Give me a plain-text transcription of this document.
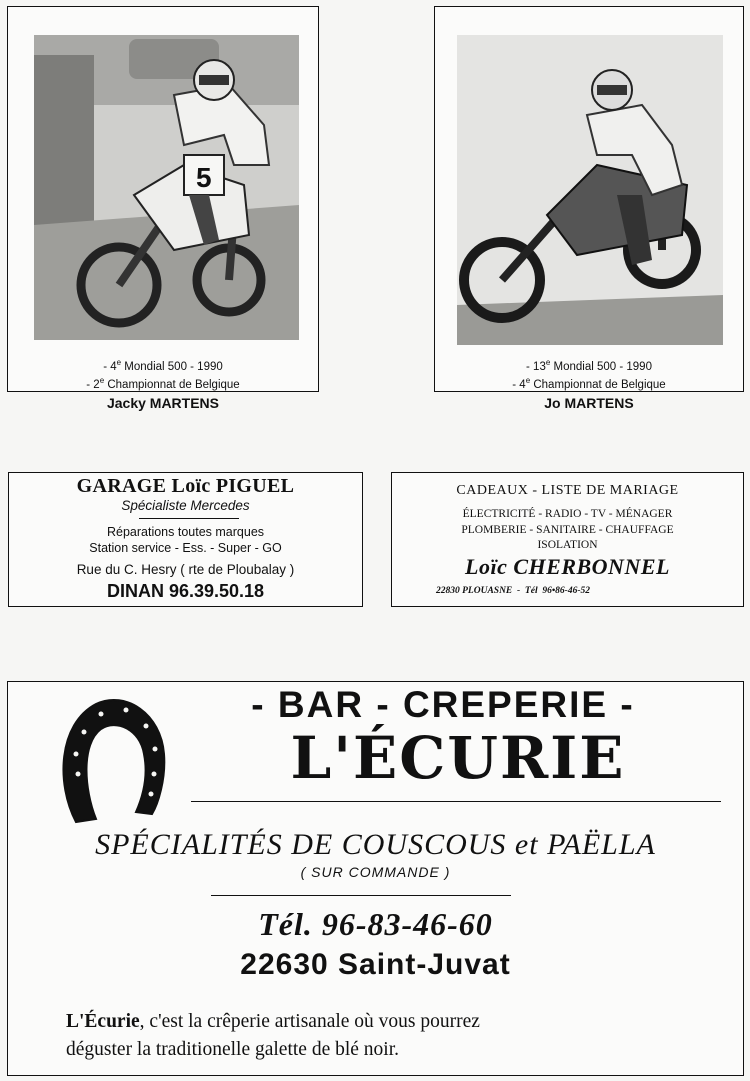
5
- 4e Mondial 500 - 1990
- 2e Championnat de Belgique
Jacky MARTENS
- 13e Mondial 500 - 1990
- 4e Championnat de Belgique
Jo MARTENS
GARAGE Loïc PIGUEL
Spécialiste Mercedes
Réparations toutes marques
Station service - Ess. - Super - GO
Rue du C. Hesry ( rte de Ploubalay )
DINAN 96.39.50.18
CADEAUX - LISTE DE MARIAGE
ÉLECTRICITÉ - RADIO - TV - MÉNAGER
PLOMBERIE - SANITAIRE - CHAUFFAGE
ISOLATION
Loïc CHERBONNEL
22830 PLOUASNE  -  Tél  96•86-46-52
- BAR - CREPERIE -
L'ÉCURIE
SPÉCIALITÉS DE COUSCOUS et PAËLLA
( SUR COMMANDE )
Tél. 96-83-46-60
22630 Saint-Juvat
L'Écurie, c'est la crêperie artisanale où vous pourrez
déguster la traditionelle galette de blé noir.
